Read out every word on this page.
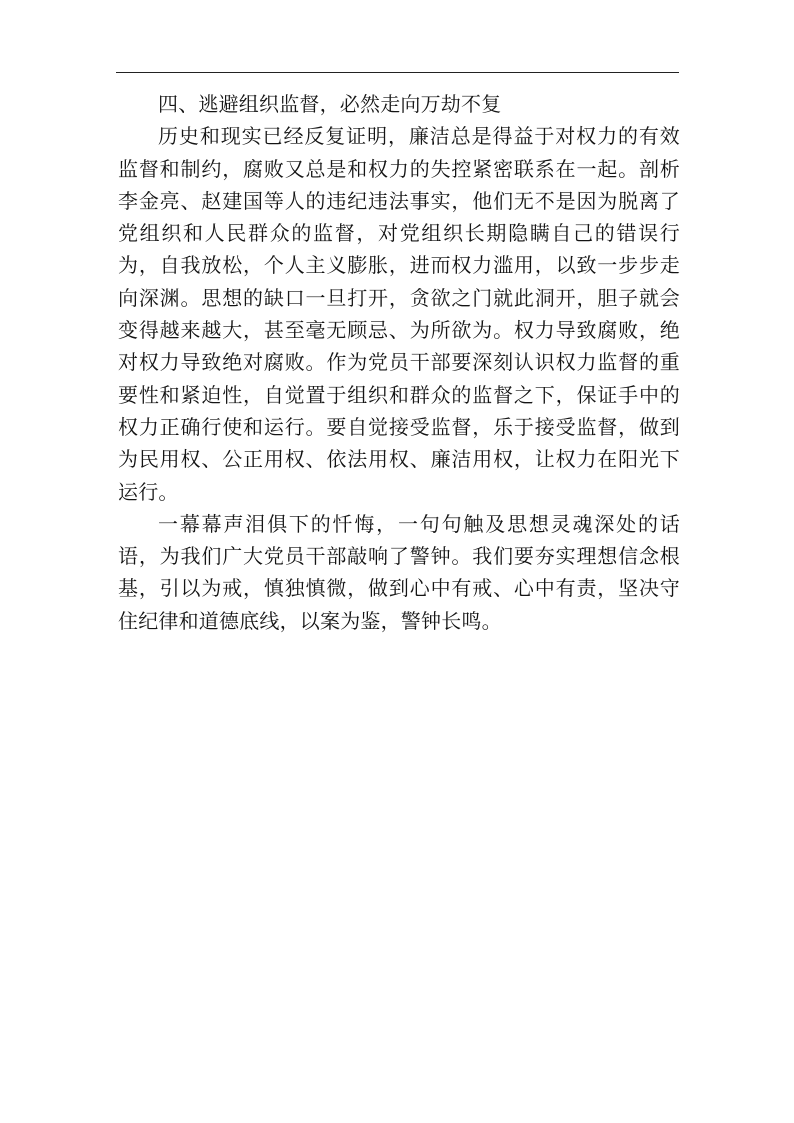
四、逃避组织监督，必然走向万劫不复

历史和现实已经反复证明，廉洁总是得益于对权力的有效监督和制约，腐败又总是和权力的失控紧密联系在一起。剖析李金亮、赵建国等人的违纪违法事实，他们无不是因为脱离了党组织和人民群众的监督，对党组织长期隐瞒自己的错误行为，自我放松，个人主义膨胀，进而权力滥用，以致一步步走向深渊。思想的缺口一旦打开，贪欲之门就此洞开，胆子就会变得越来越大，甚至毫无顾忌、为所欲为。权力导致腐败，绝对权力导致绝对腐败。作为党员干部要深刻认识权力监督的重要性和紧迫性，自觉置于组织和群众的监督之下，保证手中的权力正确行使和运行。要自觉接受监督，乐于接受监督，做到为民用权、公正用权、依法用权、廉洁用权，让权力在阳光下运行。

一幕幕声泪俱下的忏悔，一句句触及思想灵魂深处的话语，为我们广大党员干部敲响了警钟。我们要夯实理想信念根基，引以为戒，慎独慎微，做到心中有戒、心中有责，坚决守住纪律和道德底线，以案为鉴，警钟长鸣。
